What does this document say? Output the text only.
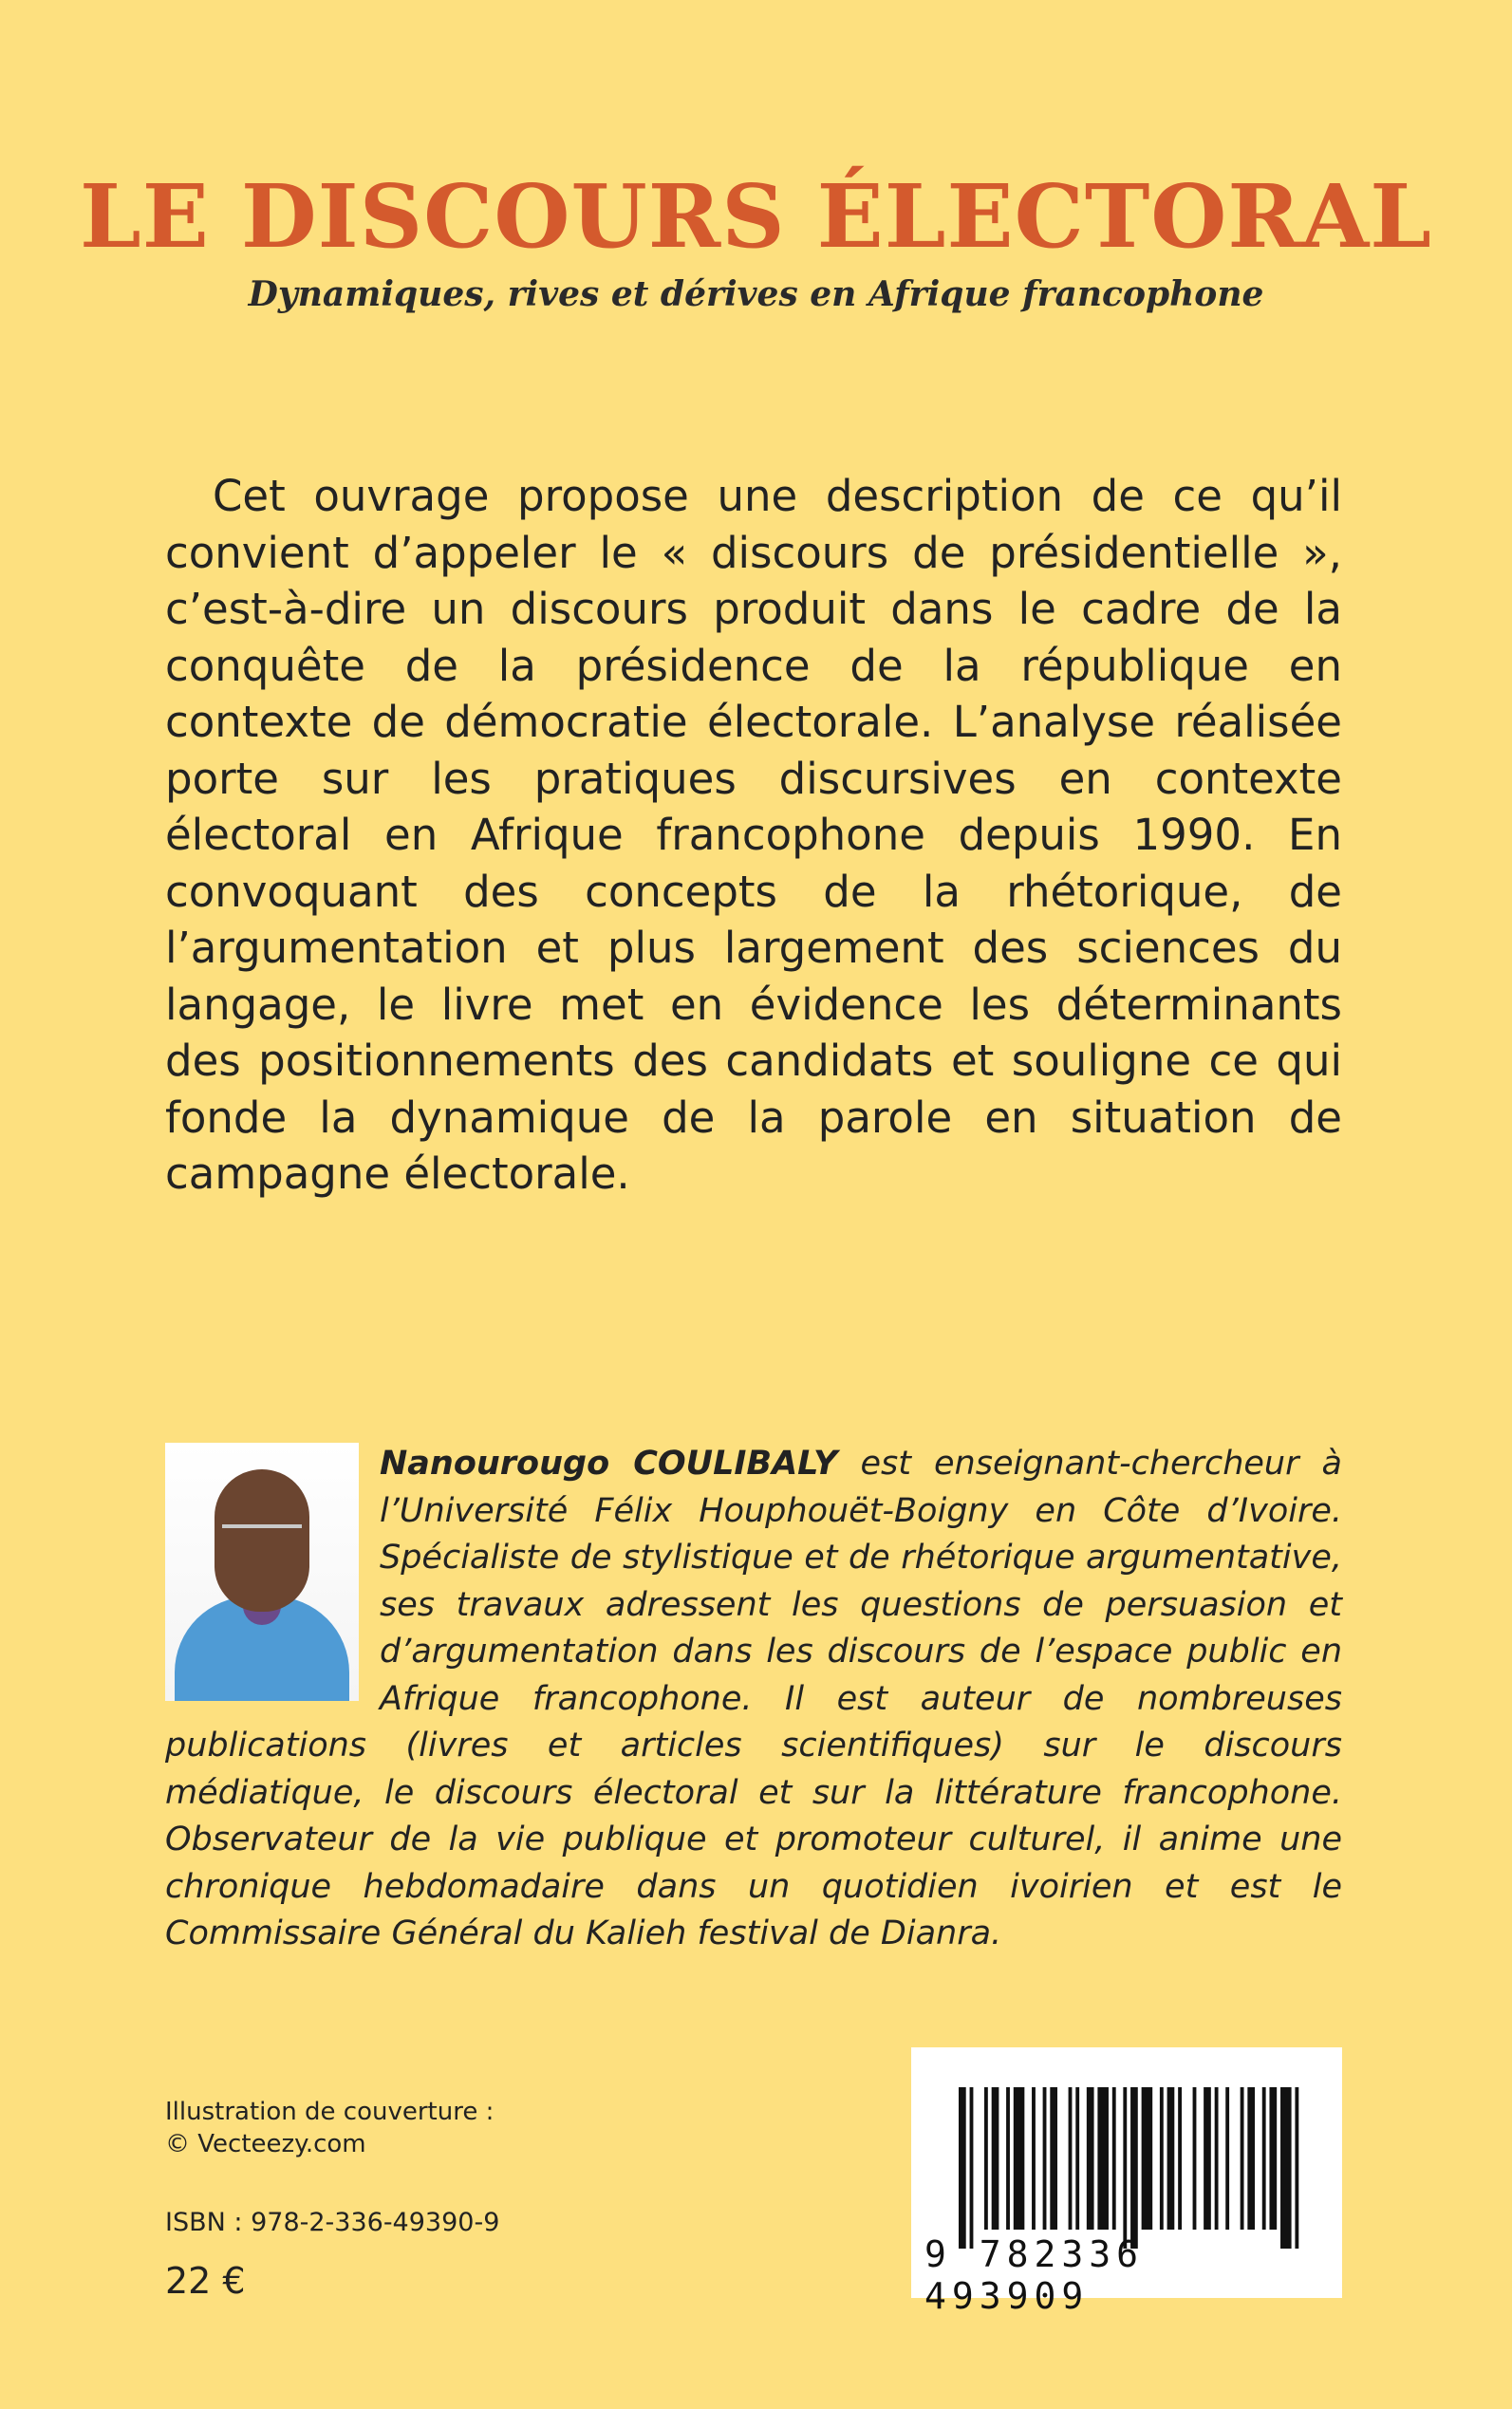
LE DISCOURS ÉLECTORAL
Dynamiques, rives et dérives en Afrique francophone

Cet ouvrage propose une description de ce qu’il convient d’appeler le « discours de présidentielle », c’est-à-dire un discours produit dans le cadre de la conquête de la présidence de la république en contexte de démocratie électorale. L’analyse réalisée porte sur les pratiques discursives en contexte électoral en Afrique francophone depuis 1990. En convoquant des concepts de la rhétorique, de l’argumentation et plus largement des sciences du langage, le livre met en évidence les déterminants des positionnements des candidats et souligne ce qui fonde la dynamique de la parole en situation de campagne électorale.

Nanourougo COULIBALY est enseignant-chercheur à l’Université Félix Houphouët-Boigny en Côte d’Ivoire. Spécialiste de stylistique et de rhétorique argumentative, ses travaux adressent les questions de persuasion et d’argumentation dans les discours de l’espace public en Afrique francophone. Il est auteur de nombreuses publications (livres et articles scientifiques) sur le discours médiatique, le discours électoral et sur la littérature francophone. Observateur de la vie publique et promoteur culturel, il anime une chronique hebdomadaire dans un quotidien ivoirien et est le Commissaire Général du Kalieh festival de Dianra.
Illustration de couverture :
© Vecteezy.com
ISBN : 978-2-336-49390-9
22 €
9 782336 493909
